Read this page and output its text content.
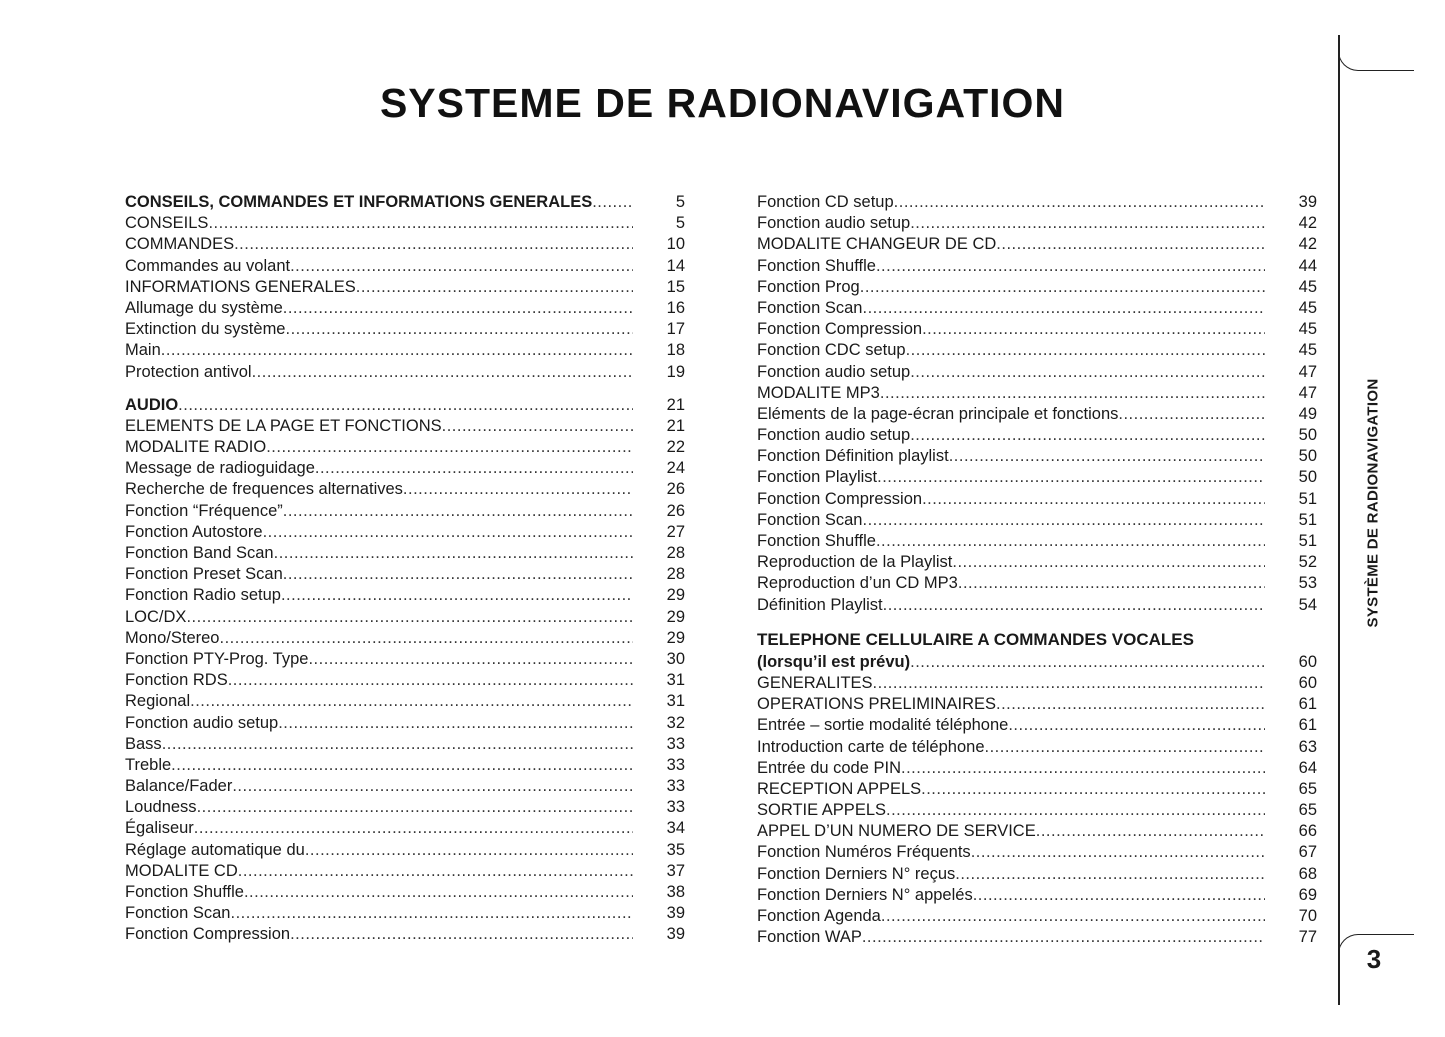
SYSTEME DE RADIONAVIGATION
CONSEILS, COMMANDES ET INFORMATIONS GENERALES .....	5
CONSEILS .....	5
COMMANDES .....	10
Commandes au volant .....	14
INFORMATIONS GENERALES .....	15
Allumage du système .....	16
Extinction du système .....	17
Main .....	18
Protection antivol .....	19
AUDIO .....	21
ELEMENTS DE LA PAGE ET FONCTIONS .....	21
MODALITE RADIO .....	22
Message de radioguidage .....	24
Recherche de frequences alternatives .....	26
Fonction “Fréquence” .....	26
Fonction Autostore .....	27
Fonction Band Scan .....	28
Fonction Preset Scan .....	28
Fonction Radio setup .....	29
LOC/DX .....	29
Mono/Stereo .....	29
Fonction PTY-Prog. Type .....	30
Fonction RDS .....	31
Regional .....	31
Fonction audio setup .....	32
Bass .....	33
Treble .....	33
Balance/Fader .....	33
Loudness .....	33
Égaliseur .....	34
Réglage automatique du .....	35
MODALITE CD .....	37
Fonction Shuffle .....	38
Fonction Scan .....	39
Fonction Compression .....	39
Fonction CD setup .....	39
Fonction audio setup .....	42
MODALITE CHANGEUR DE CD .....	42
Fonction Shuffle .....	44
Fonction Prog .....	45
Fonction Scan .....	45
Fonction Compression .....	45
Fonction CDC setup .....	45
Fonction audio setup .....	47
MODALITE MP3 .....	47
Eléments de la page-écran principale et fonctions .....	49
Fonction audio setup .....	50
Fonction Définition playlist .....	50
Fonction Playlist .....	50
Fonction Compression .....	51
Fonction Scan .....	51
Fonction Shuffle .....	51
Reproduction de la Playlist .....	52
Reproduction d’un CD MP3 .....	53
Définition Playlist .....	54
TELEPHONE CELLULAIRE A COMMANDES VOCALES
(lorsqu’il est prévu) .....	60
GENERALITES .....	60
OPERATIONS PRELIMINAIRES .....	61
Entrée – sortie modalité téléphone .....	61
Introduction carte de téléphone .....	63
Entrée du code PIN .....	64
RECEPTION APPELS .....	65
SORTIE APPELS .....	65
APPEL D’UN NUMERO DE SERVICE .....	66
Fonction Numéros Fréquents .....	67
Fonction Derniers N° reçus .....	68
Fonction Derniers N° appelés .....	69
Fonction Agenda .....	70
Fonction WAP .....	77
SYSTÈME DE RADIONAVIGATION
3
